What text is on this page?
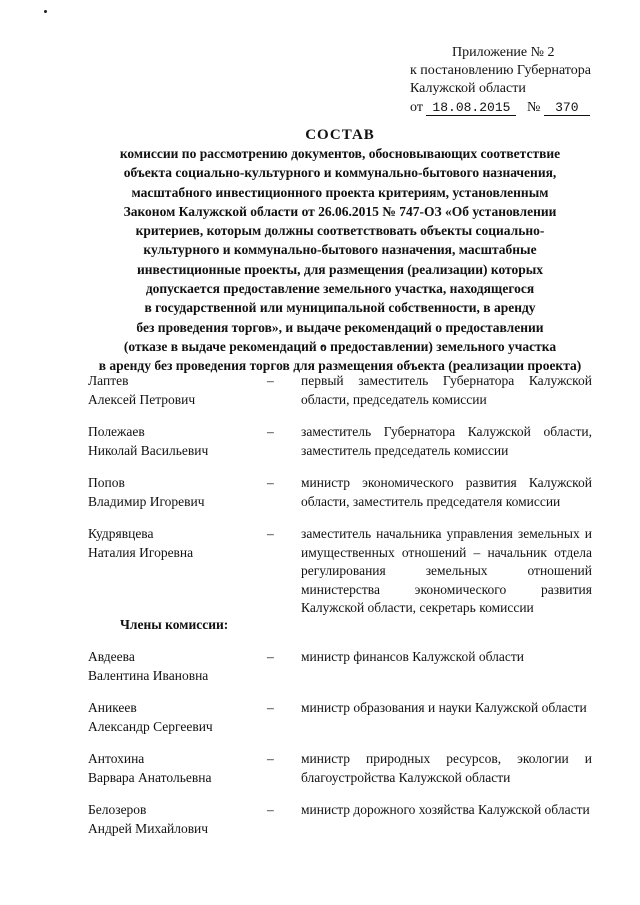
Приложение № 2
к постановлению Губернатора
Калужской области
от 18.08.2015 № 370
СОСТАВ

комиссии по рассмотрению документов, обосновывающих соответствие

объекта социально-культурного и коммунально-бытового назначения,

масштабного инвестиционного проекта критериям, установленным

Законом Калужской области от 26.06.2015 № 747-ОЗ «Об установлении

критериев, которым должны соответствовать объекты социально-

культурного и коммунально-бытового назначения, масштабные

инвестиционные проекты, для размещения (реализации) которых

допускается предоставление земельного участка, находящегося

в государственной или муниципальной собственности, в аренду

без проведения торгов», и выдаче рекомендаций о предоставлении

(отказе в выдаче рекомендаций о предоставлении) земельного участка

в аренду без проведения торгов для размещения объекта (реализации проекта)

Лаптев
Алексей Петрович
–	первый заместитель Губернатора Калужской области, председатель комиссии
Полежаев
Николай Васильевич
–	заместитель Губернатора Калужской области, заместитель председатель комиссии
Попов
Владимир Игоревич
–	министр экономического развития Калужской области, заместитель председателя комиссии
Кудрявцева
Наталия Игоревна
–	заместитель начальника управления земельных и имущественных отношений – начальник отдела регулирования земельных отношений министерства экономического развития Калужской области, секретарь комиссии
Члены комиссии:
Авдеева
Валентина Ивановна
–	министр финансов Калужской области
Аникеев
Александр Сергеевич
–	министр образования и науки Калужской области
Антохина
Варвара Анатольевна
–	министр природных ресурсов, экологии и благоустройства Калужской области
Белозеров
Андрей Михайлович
–	министр дорожного хозяйства Калужской области
